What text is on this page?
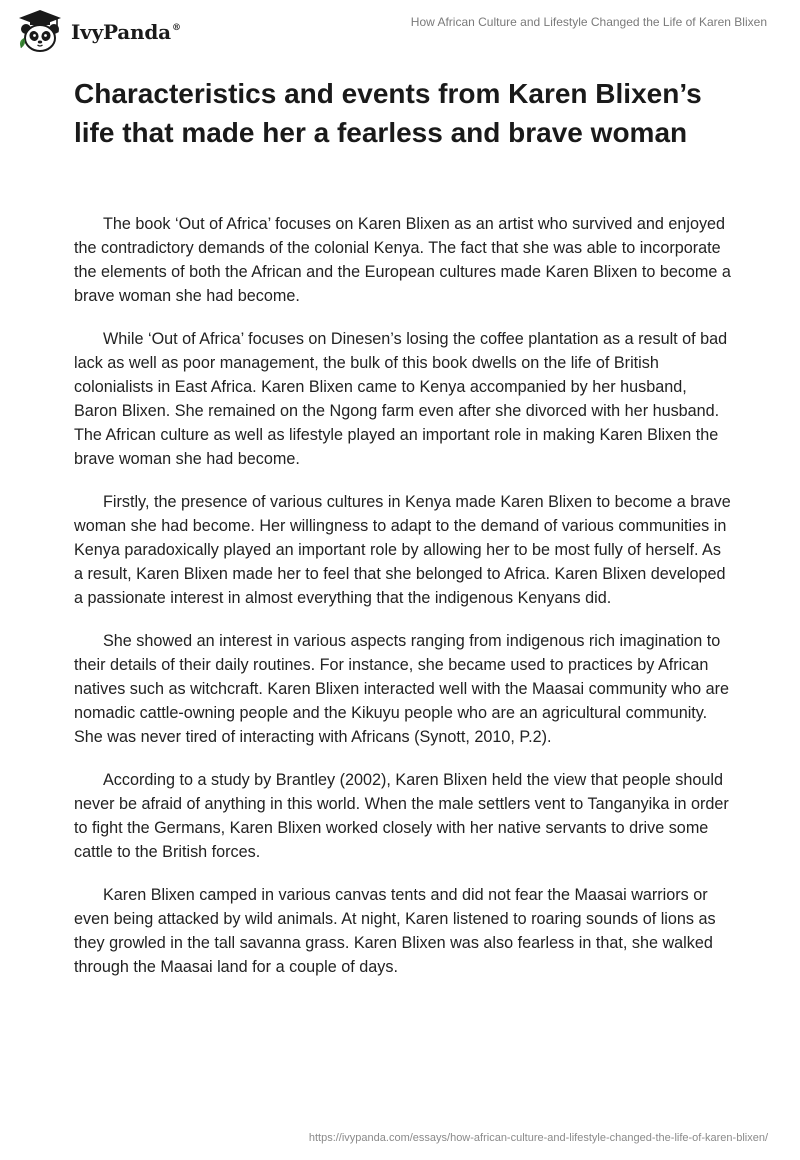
IvyPanda®	How African Culture and Lifestyle Changed the Life of Karen Blixen
Characteristics and events from Karen Blixen’s life that made her a fearless and brave woman

The book ‘Out of Africa’ focuses on Karen Blixen as an artist who survived and enjoyed the contradictory demands of the colonial Kenya. The fact that she was able to incorporate the elements of both the African and the European cultures made Karen Blixen to become a brave woman she had become.

While ‘Out of Africa’ focuses on Dinesen’s losing the coffee plantation as a result of bad lack as well as poor management, the bulk of this book dwells on the life of British colonialists in East Africa. Karen Blixen came to Kenya accompanied by her husband, Baron Blixen. She remained on the Ngong farm even after she divorced with her husband. The African culture as well as lifestyle played an important role in making Karen Blixen the brave woman she had become.

Firstly, the presence of various cultures in Kenya made Karen Blixen to become a brave woman she had become. Her willingness to adapt to the demand of various communities in Kenya paradoxically played an important role by allowing her to be most fully of herself. As a result, Karen Blixen made her to feel that she belonged to Africa. Karen Blixen developed a passionate interest in almost everything that the indigenous Kenyans did.

She showed an interest in various aspects ranging from indigenous rich imagination to their details of their daily routines. For instance, she became used to practices by African natives such as witchcraft. Karen Blixen interacted well with the Maasai community who are nomadic cattle-owning people and the Kikuyu people who are an agricultural community. She was never tired of interacting with Africans (Synott, 2010, P.2).

According to a study by Brantley (2002), Karen Blixen held the view that people should never be afraid of anything in this world. When the male settlers vent to Tanganyika in order to fight the Germans, Karen Blixen worked closely with her native servants to drive some cattle to the British forces.

Karen Blixen camped in various canvas tents and did not fear the Maasai warriors or even being attacked by wild animals. At night, Karen listened to roaring sounds of lions as they growled in the tall savanna grass. Karen Blixen was also fearless in that, she walked through the Maasai land for a couple of days.

https://ivypanda.com/essays/how-african-culture-and-lifestyle-changed-the-life-of-karen-blixen/
